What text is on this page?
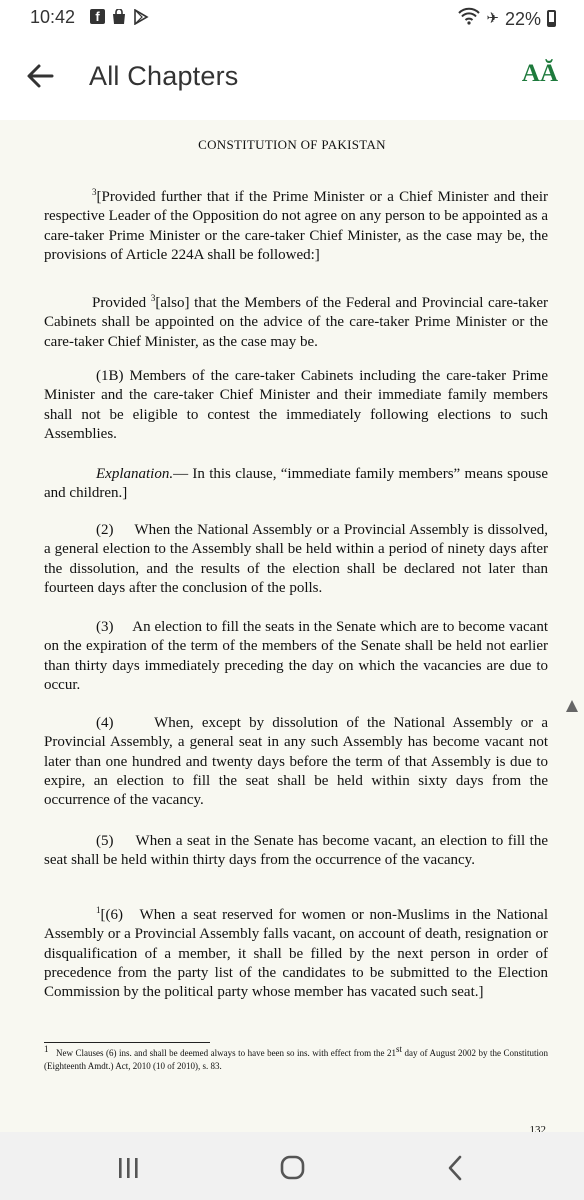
10:42	f	✈ 22%
All Chapters	AĂ
CONSTITUTION OF PAKISTAN

$^3$[Provided further that if the Prime Minister or a Chief Minister and their respective Leader of the Opposition do not agree on any person to be appointed as a care-taker Prime Minister or the care-taker Chief Minister, as the case may be, the provisions of Article 224A shall be followed:]

Provided $^3$[also] that the Members of the Federal and Provincial care-taker Cabinets shall be appointed on the advice of the care-taker Prime Minister or the care-taker Chief Minister, as the case may be.

(1B) Members of the care-taker Cabinets including the care-taker Prime Minister and the care-taker Chief Minister and their immediate family members shall not be eligible to contest the immediately following elections to such Assemblies.

Explanation.— In this clause, “immediate family members” means spouse and children.]

(2)     When the National Assembly or a Provincial Assembly is dissolved, a general election to the Assembly shall be held within a period of ninety days after the dissolution, and the results of the election shall be declared not later than fourteen days after the conclusion of the polls.

(3)     An election to fill the seats in the Senate which are to become vacant on the expiration of the term of the members of the Senate shall be held not earlier than thirty days immediately preceding the day on which the vacancies are due to occur.

(4)     When, except by dissolution of the National Assembly or a Provincial Assembly, a general seat in any such Assembly has become vacant not later than one hundred and twenty days before the term of that Assembly is due to expire, an election to fill the seat shall be held within sixty days from the occurrence of the vacancy.

(5)     When a seat in the Senate has become vacant, an election to fill the seat shall be held within thirty days from the occurrence of the vacancy.

$^1$[(6)   When a seat reserved for women or non-Muslims in the National Assembly or a Provincial Assembly falls vacant, on account of death, resignation or disqualification of a member, it shall be filled by the next person in order of precedence from the party list of the candidates to be submitted to the Election Commission by the political party whose member has vacated such seat.]

$^1$ New Clauses (6) ins. and shall be deemed always to have been so ins. with effect from the 21st day of August 2002 by the Constitution (Eighteenth Amdt.) Act, 2010 (10 of 2010), s. 83.

132
